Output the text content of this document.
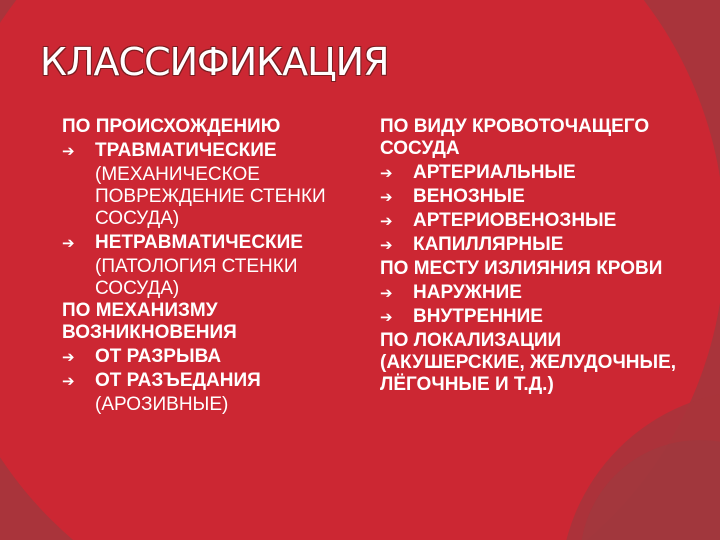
КЛАССИФИКАЦИЯ

ПО ПРОИСХОЖДЕНИЮ

➔ ТРАВМАТИЧЕСКИЕ

(МЕХАНИЧЕСКОЕ ПОВРЕЖДЕНИЕ СТЕНКИ СОСУДА)

➔ НЕТРАВМАТИЧЕСКИЕ

(ПАТОЛОГИЯ СТЕНКИ СОСУДА)

ПО МЕХАНИЗМУ ВОЗНИКНОВЕНИЯ

➔ ОТ РАЗРЫВА
➔ ОТ РАЗЪЕДАНИЯ

(АРОЗИВНЫЕ)

ПО ВИДУ КРОВОТОЧАЩЕГО СОСУДА

➔ АРТЕРИАЛЬНЫЕ
➔ ВЕНОЗНЫЕ
➔ АРТЕРИОВЕНОЗНЫЕ
➔ КАПИЛЛЯРНЫЕ

ПО МЕСТУ ИЗЛИЯНИЯ КРОВИ

➔ НАРУЖНИЕ
➔ ВНУТРЕННИЕ

ПО ЛОКАЛИЗАЦИИ (АКУШЕРСКИЕ, ЖЕЛУДОЧНЫЕ, ЛЁГОЧНЫЕ И Т.Д.)
